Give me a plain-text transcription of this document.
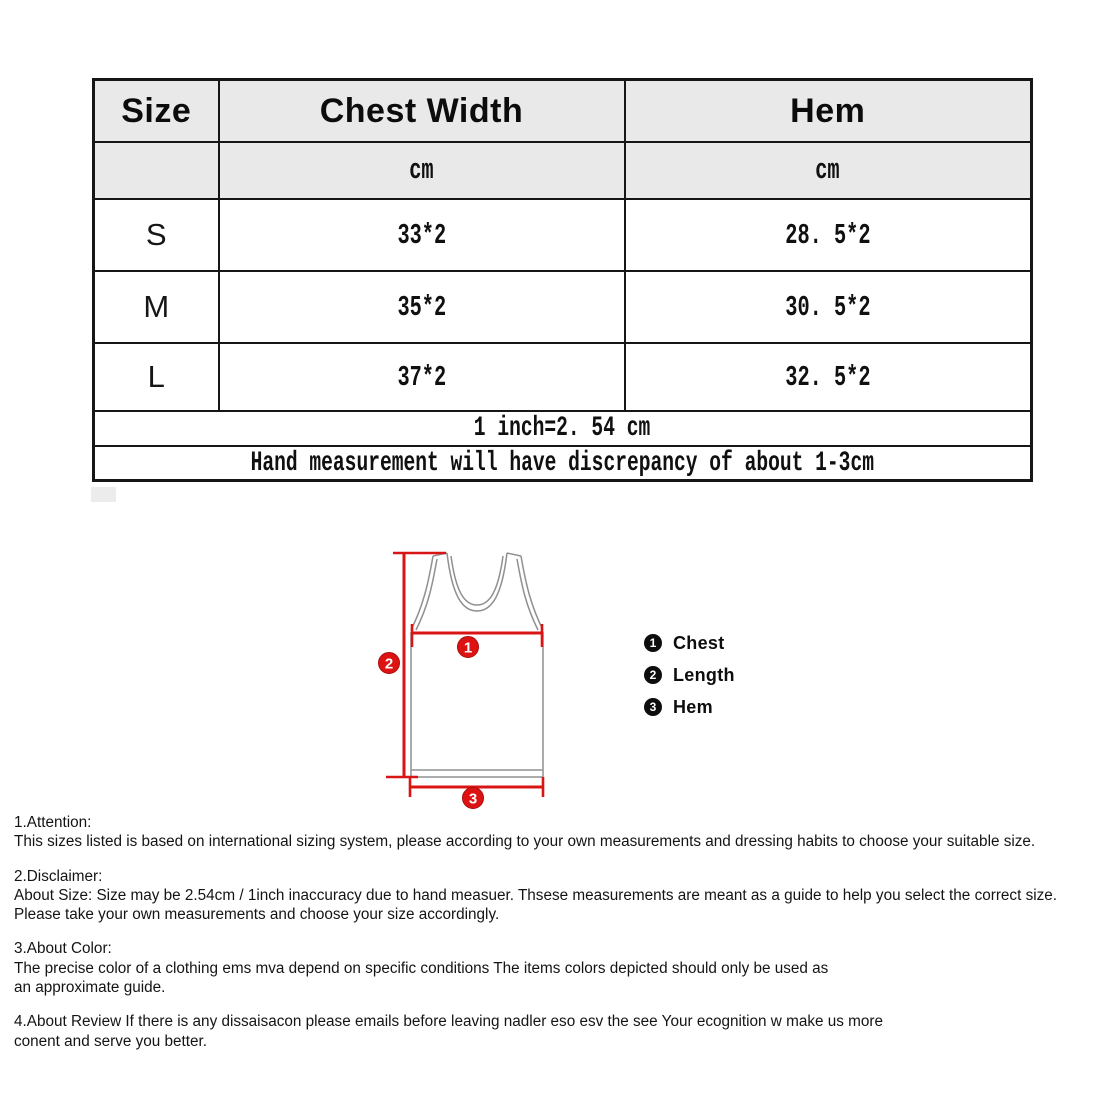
Size	Chest Width	Hem
	cm	cm
S	33*2	28. 5*2
M	35*2	30. 5*2
L	37*2	32. 5*2
1 inch=2. 54 cm		
Hand measurement will have discrepancy of about 1-3cm		
1
2
3
1 Chest
2 Length
3 Hem

1.Attention:

This sizes listed is based on international sizing system, please according to your own measurements and dressing habits to choose your suitable size.

2.Disclaimer:

About Size: Size may be 2.54cm / 1inch inaccuracy due to hand measuer. Thsese measurements are meant as a guide to help you select the correct size.

Please take your own measurements and choose your size accordingly.

3.About Color:

The precise color of a clothing ems mva depend on specific conditions The items colors depicted should only be used as

an approximate guide.

4.About Review If there is any dissaisacon please emails before leaving nadler eso esv the see Your ecognition w make us more

conent and serve you better.
